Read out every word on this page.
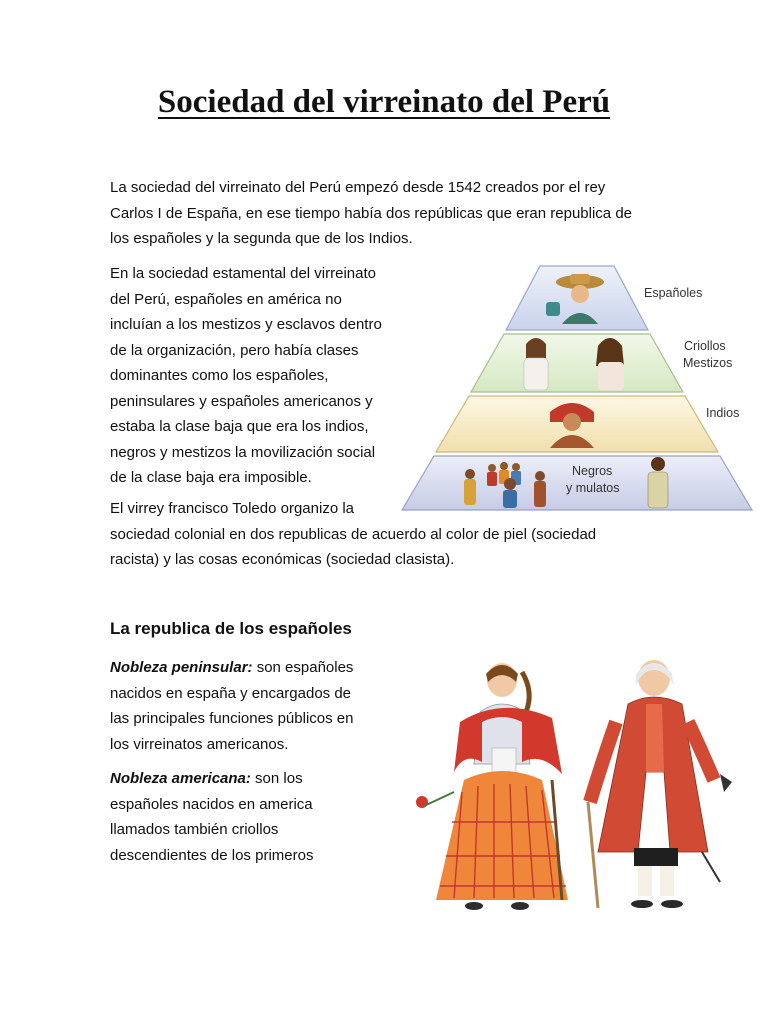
Sociedad del virreinato del Perú

La sociedad del virreinato del Perú empezó desde 1542 creados por el rey
Carlos I de España, en ese tiempo había dos repúblicas que eran republica de
los españoles y la segunda que de los Indios.

En la sociedad estamental del virreinato
del Perú, españoles en américa no
incluían a los mestizos y esclavos dentro
de la organización, pero había clases
dominantes como los españoles,
peninsulares y españoles americanos y
estaba la clase baja que era los indios,
negros y mestizos la movilización social
de la clase baja era imposible.

Españoles
Criollos
Mestizos
Indios
Negros
y mulatos

El virrey francisco Toledo organizo la
sociedad colonial en dos republicas de acuerdo al color de piel (sociedad
racista) y las cosas económicas (sociedad clasista).

La republica de los españoles

Nobleza peninsular: son españoles
nacidos en españa y encargados de
las principales funciones públicos en
los virreinatos americanos.

Nobleza americana: son los
españoles nacidos en america
llamados también criollos
descendientes de los primeros
